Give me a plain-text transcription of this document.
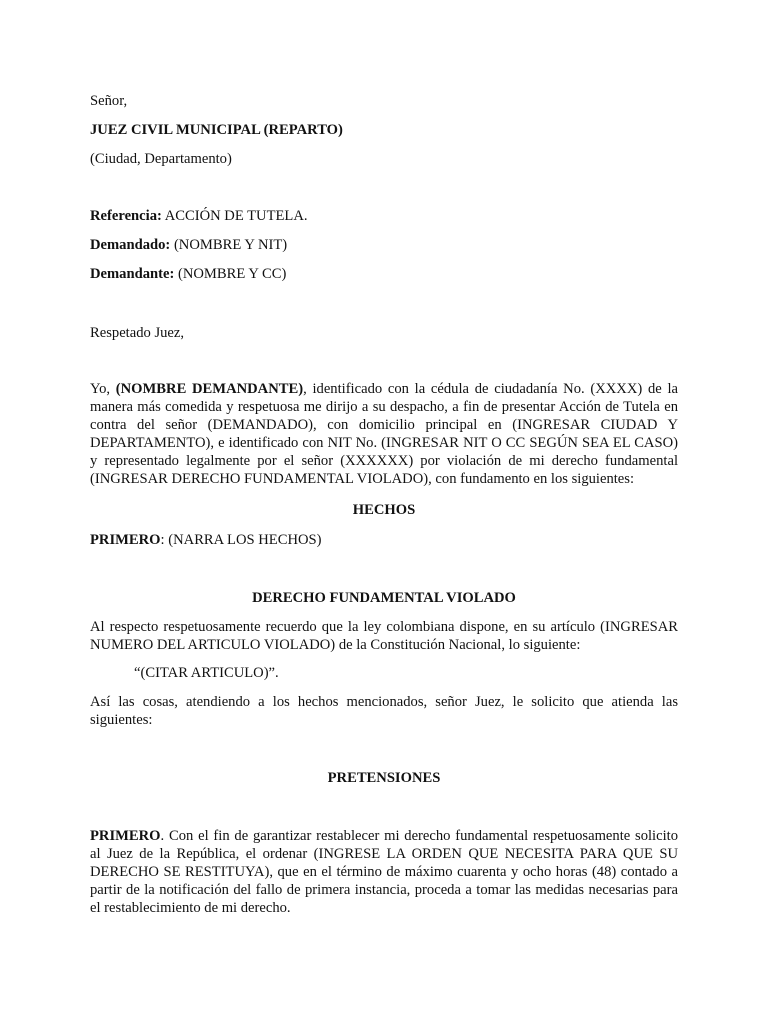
Señor,
JUEZ CIVIL MUNICIPAL (REPARTO)
(Ciudad, Departamento)
Referencia: ACCIÓN DE TUTELA.
Demandado: (NOMBRE Y NIT)
Demandante: (NOMBRE Y CC)
Respetado Juez,
Yo, (NOMBRE DEMANDANTE), identificado con la cédula de ciudadanía No. (XXXX) de la manera más comedida y respetuosa me dirijo a su despacho, a fin de presentar Acción de Tutela en contra del señor (DEMANDADO), con domicilio principal en (INGRESAR CIUDAD Y DEPARTAMENTO), e identificado con NIT No. (INGRESAR NIT O CC SEGÚN SEA EL CASO) y representado legalmente por el señor (XXXXXX) por violación de mi derecho fundamental (INGRESAR DERECHO FUNDAMENTAL VIOLADO), con fundamento en los siguientes:
HECHOS
PRIMERO: (NARRA LOS HECHOS)
DERECHO FUNDAMENTAL VIOLADO
Al respecto respetuosamente recuerdo que la ley colombiana dispone, en su artículo (INGRESAR NUMERO DEL ARTICULO VIOLADO) de la Constitución Nacional, lo siguiente:
“(CITAR ARTICULO)”.
Así las cosas, atendiendo a los hechos mencionados, señor Juez, le solicito que atienda las siguientes:
PRETENSIONES
PRIMERO. Con el fin de garantizar restablecer mi derecho fundamental respetuosamente solicito al Juez de la República, el ordenar (INGRESE LA ORDEN QUE NECESITA PARA QUE SU DERECHO SE RESTITUYA), que en el término de máximo cuarenta y ocho horas (48) contado a partir de la notificación del fallo de primera instancia, proceda a tomar las medidas necesarias para el restablecimiento de mi derecho.
